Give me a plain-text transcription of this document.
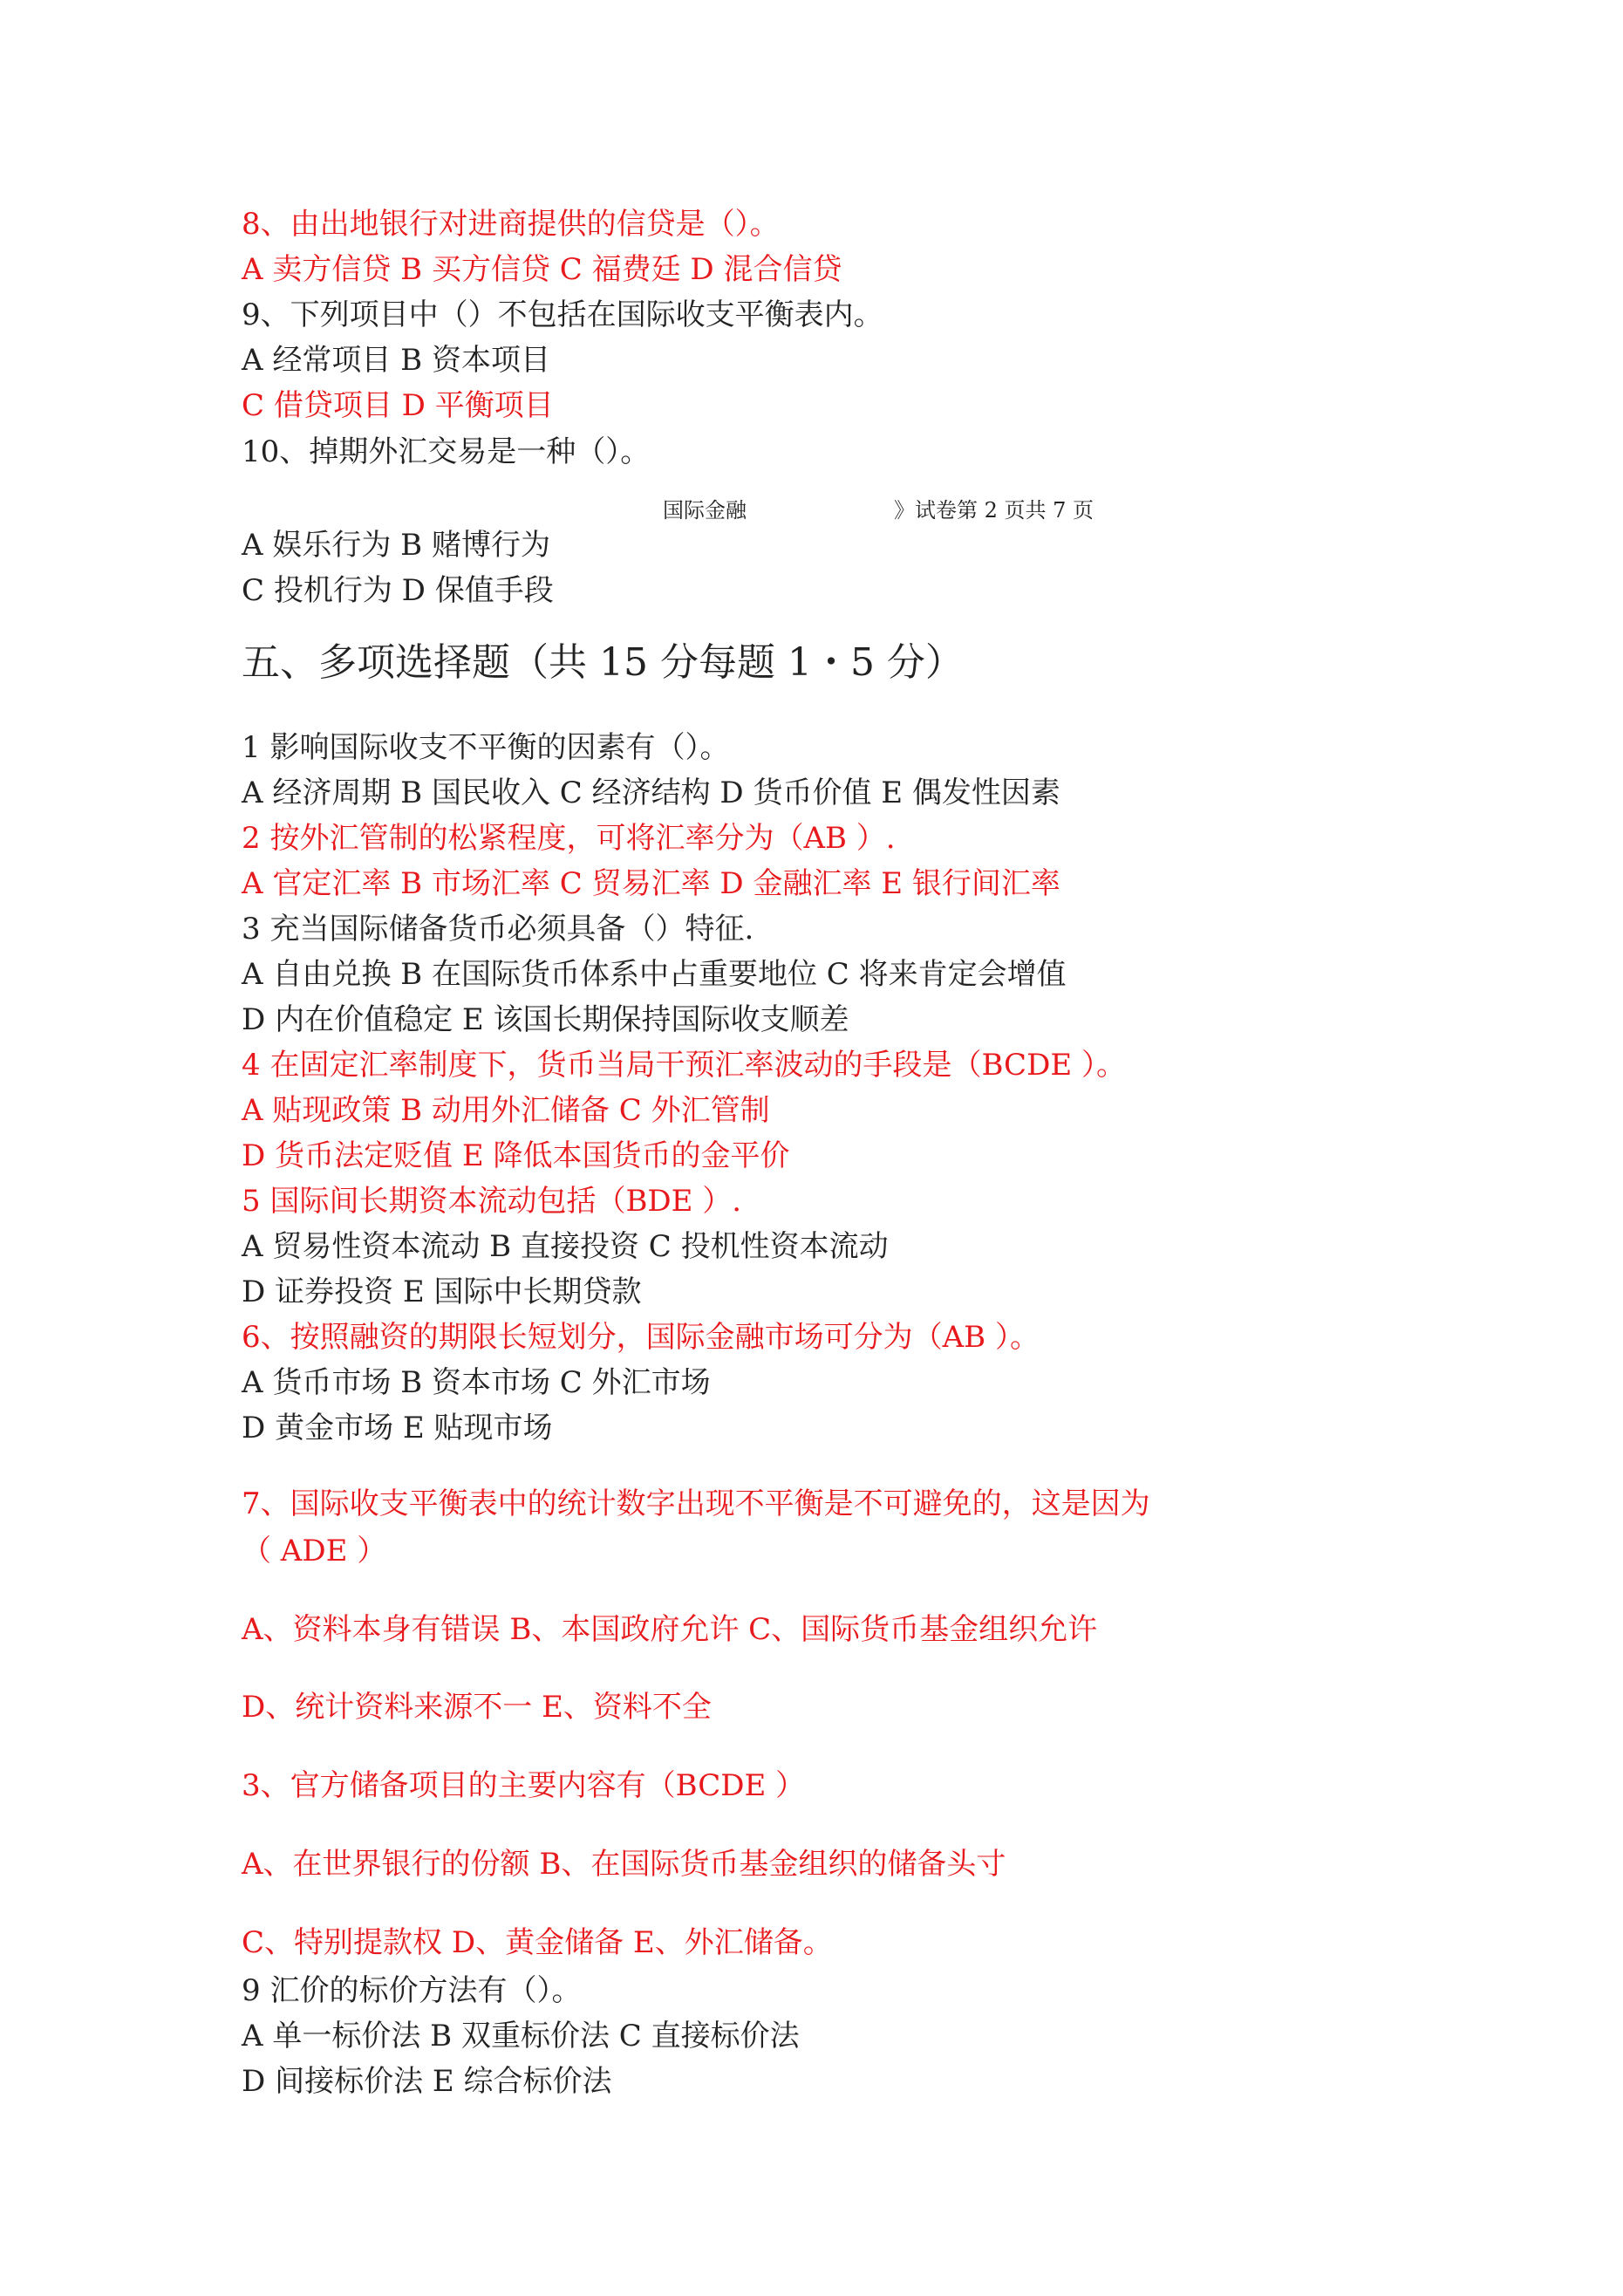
国际金融	》试卷第 2 页共 7 页
五、多项选择题（共 15 分每题 1・5 分）
8、由出地银行对进商提供的信贷是（）。
A 卖方信贷 B 买方信贷 C 福费廷 D 混合信贷
9、下列项目中（）不包括在国际收支平衡表内。
A 经常项目 B 资本项目
C 借贷项目 D 平衡项目
10、掉期外汇交易是一种（）。
A 娱乐行为 B 赌博行为
C 投机行为 D 保值手段
1 影响国际收支不平衡的因素有（）。
A 经济周期 B 国民收入 C 经济结构 D 货币价值 E 偶发性因素
2 按外汇管制的松紧程度，可将汇率分为（AB ）.
A 官定汇率 B 市场汇率 C 贸易汇率 D 金融汇率 E 银行间汇率
3 充当国际储备货币必须具备（）特征.
A 自由兑换 B 在国际货币体系中占重要地位 C 将来肯定会增值
D 内在价值稳定 E 该国长期保持国际收支顺差
4 在固定汇率制度下，货币当局干预汇率波动的手段是（BCDE ）。
A 贴现政策 B 动用外汇储备 C 外汇管制
D 货币法定贬值 E 降低本国货币的金平价
5 国际间长期资本流动包括（BDE ）.
A 贸易性资本流动 B 直接投资 C 投机性资本流动
D 证券投资 E 国际中长期贷款
6、按照融资的期限长短划分，国际金融市场可分为（AB ）。
A 货币市场 B 资本市场 C 外汇市场
D 黄金市场 E 贴现市场
7、国际收支平衡表中的统计数字出现不平衡是不可避免的，这是因为
（ ADE ）
A、资料本身有错误 B、本国政府允许 C、国际货币基金组织允许
D、统计资料来源不一 E、资料不全
3、官方储备项目的主要内容有（BCDE ）
A、在世界银行的份额 B、在国际货币基金组织的储备头寸
C、特别提款权 D、黄金储备 E、外汇储备。
9 汇价的标价方法有（）。
A 单一标价法 B 双重标价法 C 直接标价法
D 间接标价法 E 综合标价法
